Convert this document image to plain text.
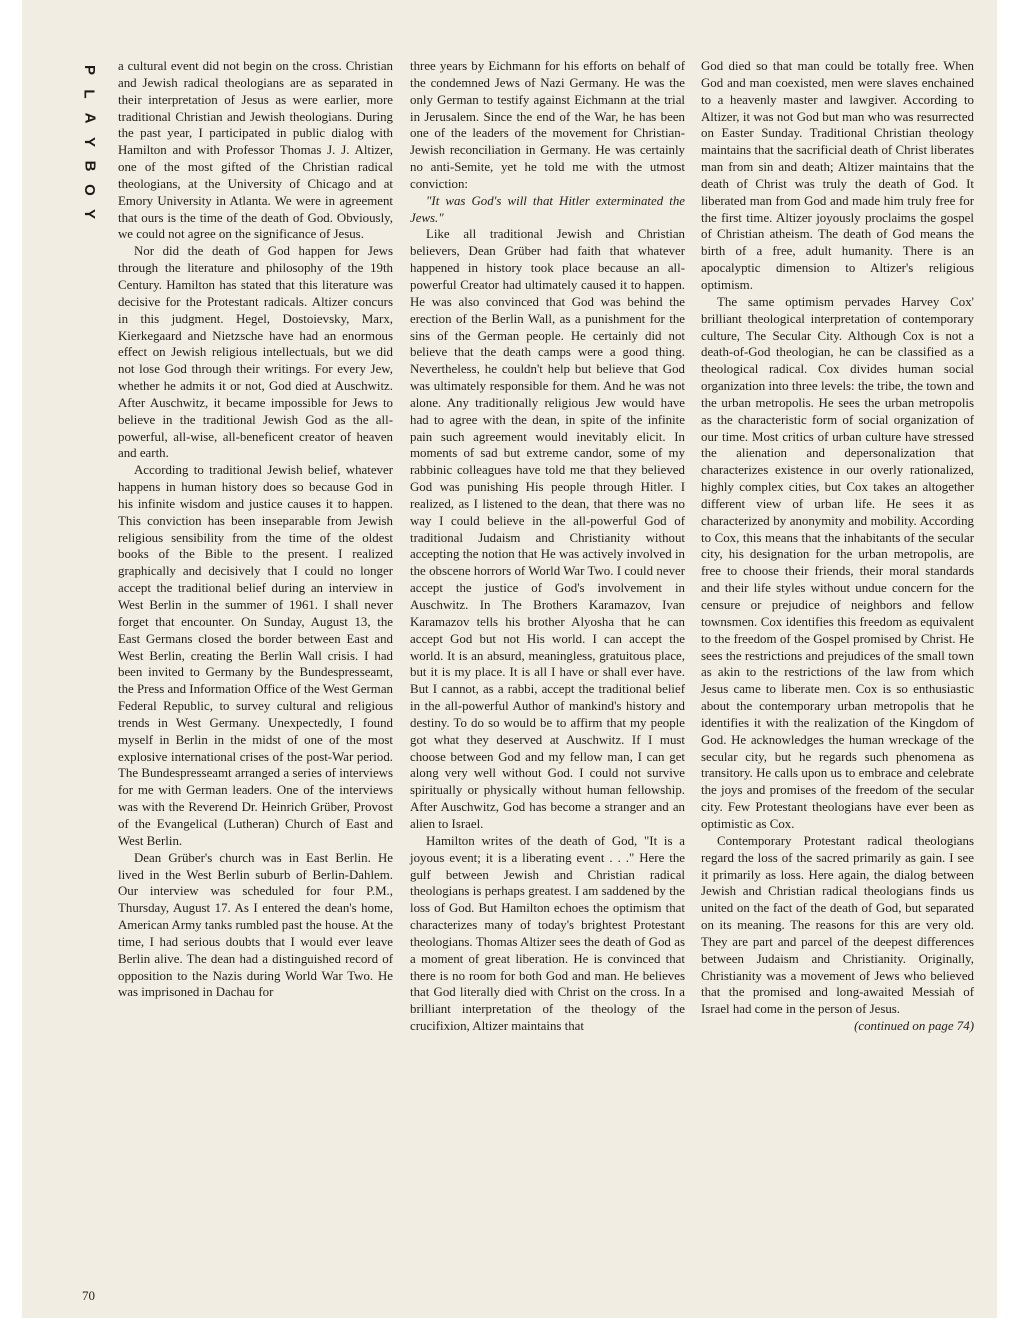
P
L
A
Y
B
O
Y
70

a cultural event did not begin on the cross. Christian and Jewish radical theologians are as separated in their interpretation of Jesus as were earlier, more traditional Christian and Jewish theologians. During the past year, I participated in public dialog with Hamilton and with Professor Thomas J. J. Altizer, one of the most gifted of the Christian radical theologians, at the University of Chicago and at Emory University in Atlanta. We were in agreement that ours is the time of the death of God. Obviously, we could not agree on the significance of Jesus.

Nor did the death of God happen for Jews through the literature and philosophy of the 19th Century. Hamilton has stated that this literature was decisive for the Protestant radicals. Altizer concurs in this judgment. Hegel, Dostoievsky, Marx, Kierkegaard and Nietzsche have had an enormous effect on Jewish religious intellectuals, but we did not lose God through their writings. For every Jew, whether he admits it or not, God died at Auschwitz. After Auschwitz, it became impossible for Jews to believe in the traditional Jewish God as the all-powerful, all-wise, all-beneficent creator of heaven and earth.

According to traditional Jewish belief, whatever happens in human history does so because God in his infinite wisdom and justice causes it to happen. This conviction has been inseparable from Jewish religious sensibility from the time of the oldest books of the Bible to the present. I realized graphically and decisively that I could no longer accept the traditional belief during an interview in West Berlin in the summer of 1961. I shall never forget that encounter. On Sunday, August 13, the East Germans closed the border between East and West Berlin, creating the Berlin Wall crisis. I had been invited to Germany by the Bundespresseamt, the Press and Information Office of the West German Federal Republic, to survey cultural and religious trends in West Germany. Unexpectedly, I found myself in Berlin in the midst of one of the most explosive international crises of the post-War period. The Bundespresseamt arranged a series of interviews for me with German leaders. One of the interviews was with the Reverend Dr. Heinrich Grüber, Provost of the Evangelical (Lutheran) Church of East and West Berlin.

Dean Grüber's church was in East Berlin. He lived in the West Berlin suburb of Berlin-Dahlem. Our interview was scheduled for four P.M., Thursday, August 17. As I entered the dean's home, American Army tanks rumbled past the house. At the time, I had serious doubts that I would ever leave Berlin alive. The dean had a distinguished record of opposition to the Nazis during World War Two. He was imprisoned in Dachau for

three years by Eichmann for his efforts on behalf of the condemned Jews of Nazi Germany. He was the only German to testify against Eichmann at the trial in Jerusalem. Since the end of the War, he has been one of the leaders of the movement for Christian-Jewish reconciliation in Germany. He was certainly no anti-Semite, yet he told me with the utmost conviction:

"It was God's will that Hitler exterminated the Jews."

Like all traditional Jewish and Christian believers, Dean Grüber had faith that whatever happened in history took place because an all-powerful Creator had ultimately caused it to happen. He was also convinced that God was behind the erection of the Berlin Wall, as a punishment for the sins of the German people. He certainly did not believe that the death camps were a good thing. Nevertheless, he couldn't help but believe that God was ultimately responsible for them. And he was not alone. Any traditionally religious Jew would have had to agree with the dean, in spite of the infinite pain such agreement would inevitably elicit. In moments of sad but extreme candor, some of my rabbinic colleagues have told me that they believed God was punishing His people through Hitler. I realized, as I listened to the dean, that there was no way I could believe in the all-powerful God of traditional Judaism and Christianity without accepting the notion that He was actively involved in the obscene horrors of World War Two. I could never accept the justice of God's involvement in Auschwitz. In The Brothers Karamazov, Ivan Karamazov tells his brother Alyosha that he can accept God but not His world. I can accept the world. It is an absurd, meaningless, gratuitous place, but it is my place. It is all I have or shall ever have. But I cannot, as a rabbi, accept the traditional belief in the all-powerful Author of mankind's history and destiny. To do so would be to affirm that my people got what they deserved at Auschwitz. If I must choose between God and my fellow man, I can get along very well without God. I could not survive spiritually or physically without human fellowship. After Auschwitz, God has become a stranger and an alien to Israel.

Hamilton writes of the death of God, "It is a joyous event; it is a liberating event . . ." Here the gulf between Jewish and Christian radical theologians is perhaps greatest. I am saddened by the loss of God. But Hamilton echoes the optimism that characterizes many of today's brightest Protestant theologians. Thomas Altizer sees the death of God as a moment of great liberation. He is convinced that there is no room for both God and man. He believes that God literally died with Christ on the cross. In a brilliant interpretation of the theology of the crucifixion, Altizer maintains that

God died so that man could be totally free. When God and man coexisted, men were slaves enchained to a heavenly master and lawgiver. According to Altizer, it was not God but man who was resurrected on Easter Sunday. Traditional Christian theology maintains that the sacrificial death of Christ liberates man from sin and death; Altizer maintains that the death of Christ was truly the death of God. It liberated man from God and made him truly free for the first time. Altizer joyously proclaims the gospel of Christian atheism. The death of God means the birth of a free, adult humanity. There is an apocalyptic dimension to Altizer's religious optimism.

The same optimism pervades Harvey Cox' brilliant theological interpretation of contemporary culture, The Secular City. Although Cox is not a death-of-God theologian, he can be classified as a theological radical. Cox divides human social organization into three levels: the tribe, the town and the urban metropolis. He sees the urban metropolis as the characteristic form of social organization of our time. Most critics of urban culture have stressed the alienation and depersonalization that characterizes existence in our overly rationalized, highly complex cities, but Cox takes an altogether different view of urban life. He sees it as characterized by anonymity and mobility. According to Cox, this means that the inhabitants of the secular city, his designation for the urban metropolis, are free to choose their friends, their moral standards and their life styles without undue concern for the censure or prejudice of neighbors and fellow townsmen. Cox identifies this freedom as equivalent to the freedom of the Gospel promised by Christ. He sees the restrictions and prejudices of the small town as akin to the restrictions of the law from which Jesus came to liberate men. Cox is so enthusiastic about the contemporary urban metropolis that he identifies it with the realization of the Kingdom of God. He acknowledges the human wreckage of the secular city, but he regards such phenomena as transitory. He calls upon us to embrace and celebrate the joys and promises of the freedom of the secular city. Few Protestant theologians have ever been as optimistic as Cox.

Contemporary Protestant radical theologians regard the loss of the sacred primarily as gain. I see it primarily as loss. Here again, the dialog between Jewish and Christian radical theologians finds us united on the fact of the death of God, but separated on its meaning. The reasons for this are very old. They are part and parcel of the deepest differences between Judaism and Christianity. Originally, Christianity was a movement of Jews who believed that the promised and long-awaited Messiah of Israel had come in the person of Jesus.

(continued on page 74)
